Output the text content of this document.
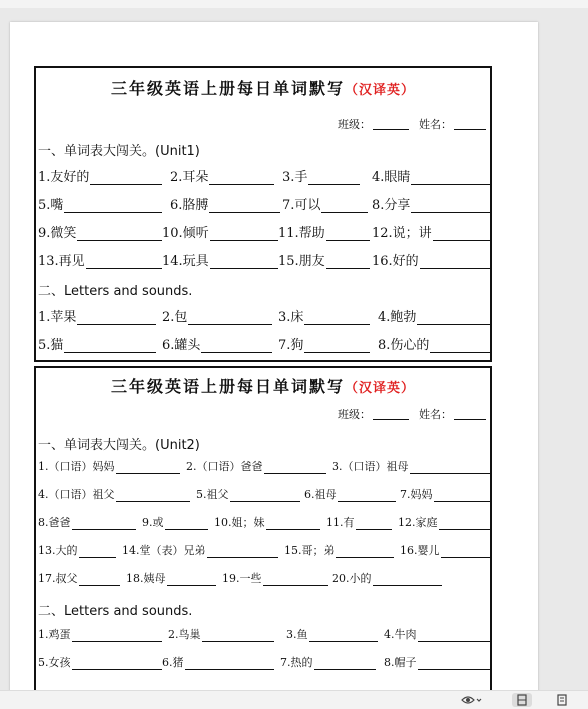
三年级英语上册每日单词默写（汉译英）
班级：	姓名：
一、单词表大闯关。(Unit1)
1.友好的	2.耳朵	3.手	4.眼睛
5.嘴	6.胳膊	7.可以	8.分享
9.微笑	10.倾听	11.帮助	12.说；讲
13.再见	14.玩具	15.朋友	16.好的
二、Letters and sounds.
1.苹果	2.包	3.床	4.鲍勃
5.猫	6.罐头	7.狗	8.伤心的
三年级英语上册每日单词默写（汉译英）
班级：	姓名：
一、单词表大闯关。(Unit2)
1.（口语）妈妈	2.（口语）爸爸	3.（口语）祖母
4.（口语）祖父	5.祖父	6.祖母	7.妈妈
8.爸爸	9.或	10.姐；妹	11.有	12.家庭
13.大的	14.堂（表）兄弟	15.哥；弟	16.婴儿
17.叔父	18.姨母	19.一些	20.小的
二、Letters and sounds.
1.鸡蛋	2.鸟巢	3.鱼	4.牛肉
5.女孩	6.猪	7.热的	8.帽子
